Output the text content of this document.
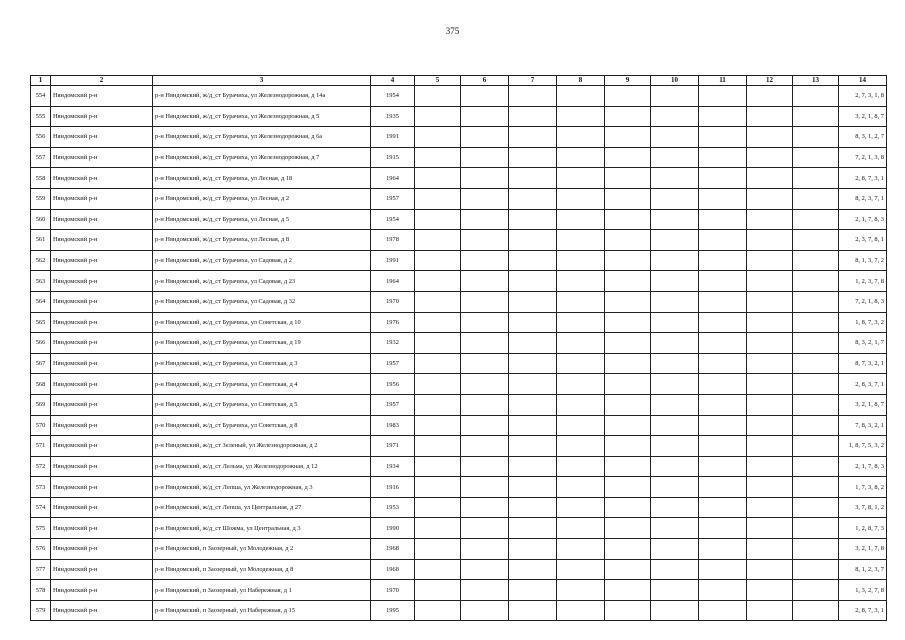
375
1	2	3	4	5	6	7	8	9	10	11	12	13	14
554	Няндомский р-н	р-н Няндомский, ж/д_ст Бурачиха, ул Железнодорожная, д 14а	1954										2, 7, 3, 1, 8
555	Няндомский р-н	р-н Няндомский, ж/д_ст Бурачиха, ул Железнодорожная, д 5	1935										3, 2, 1, 8, 7
556	Няндомский р-н	р-н Няндомский, ж/д_ст Бурачиха, ул Железнодорожная, д 6а	1991										8, 3, 1, 2, 7
557	Няндомский р-н	р-н Няндомский, ж/д_ст Бурачиха, ул Железнодорожная, д 7	1915										7, 2, 1, 3, 8
558	Няндомский р-н	р-н Няндомский, ж/д_ст Бурачиха, ул Лесная, д 18	1964										2, 8, 7, 3, 1
559	Няндомский р-н	р-н Няндомский, ж/д_ст Бурачиха, ул Лесная, д 2	1957										8, 2, 3, 7, 1
560	Няндомский р-н	р-н Няндомский, ж/д_ст Бурачиха, ул Лесная, д 5	1954										2, 1, 7, 8, 3
561	Няндомский р-н	р-н Няндомский, ж/д_ст Бурачиха, ул Лесная, д 8	1978										2, 3, 7, 8, 1
562	Няндомский р-н	р-н Няндомский, ж/д_ст Бурачиха, ул Садовая, д 2	1991										8, 1, 3, 7, 2
563	Няндомский р-н	р-н Няндомский, ж/д_ст Бурачиха, ул Садовая, д 23	1964										1, 2, 3, 7, 8
564	Няндомский р-н	р-н Няндомский, ж/д_ст Бурачиха, ул Садовая, д 32	1970										7, 2, 1, 8, 3
565	Няндомский р-н	р-н Няндомский, ж/д_ст Бурачиха, ул Советская, д 10	1976										1, 8, 7, 3, 2
566	Няндомский р-н	р-н Няндомский, ж/д_ст Бурачиха, ул Советская, д 19	1932										8, 3, 2, 1, 7
567	Няндомский р-н	р-н Няндомский, ж/д_ст Бурачиха, ул Советская, д 3	1957										8, 7, 3, 2, 1
568	Няндомский р-н	р-н Няндомский, ж/д_ст Бурачиха, ул Советская, д 4	1956										2, 8, 3, 7, 1
569	Няндомский р-н	р-н Няндомский, ж/д_ст Бурачиха, ул Советская, д 5	1957										3, 2, 1, 8, 7
570	Няндомский р-н	р-н Няндомский, ж/д_ст Бурачиха, ул Советская, д 8	1983										7, 8, 3, 2, 1
571	Няндомский р-н	р-н Няндомский, ж/д_ст Зеленый, ул Железнодорожная, д 2	1971										1, 8, 7, 5, 3, 2
572	Няндомский р-н	р-н Няндомский, ж/д_ст Лельма, ул Железнодорожная, д 12	1934										2, 1, 7, 8, 3
573	Няндомский р-н	р-н Няндомский, ж/д_ст Лепша, ул Железнодорожная, д 3	1916										1, 7, 3, 8, 2
574	Няндомский р-н	р-н Няндомский, ж/д_ст Лепша, ул Центральная, д 27	1953										3, 7, 8, 1, 2
575	Няндомский р-н	р-н Няндомский, ж/д_ст Шожма, ул Центральная, д 3	1990										1, 2, 8, 7, 3
576	Няндомский р-н	р-н Няндомский, п Заозерный, ул Молодежная, д 2	1968										3, 2, 1, 7, 8
577	Няндомский р-н	р-н Няндомский, п Заозерный, ул Молодежная, д 8	1968										8, 1, 2, 3, 7
578	Няндомский р-н	р-н Няндомский, п Заозерный, ул Набережная, д 1	1970										1, 3, 2, 7, 8
579	Няндомский р-н	р-н Няндомский, п Заозерный, ул Набережная, д 15	1995										2, 8, 7, 3, 1
